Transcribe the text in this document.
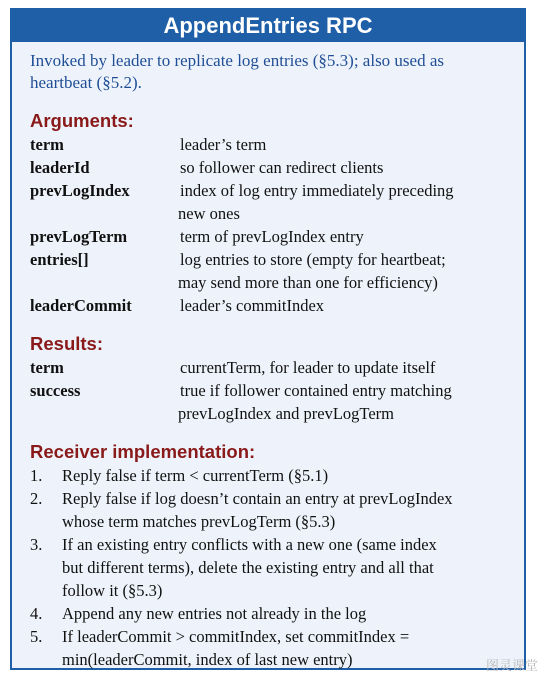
AppendEntries RPC
Invoked by leader to replicate log entries (§5.3); also used as heartbeat (§5.2).
Arguments:
term	leader’s term
leaderId	so follower can redirect clients
prevLogIndex	index of log entry immediately preceding
new ones
prevLogTerm	term of prevLogIndex entry
entries[]	log entries to store (empty for heartbeat;
may send more than one for efficiency)
leaderCommit	leader’s commitIndex
Results:
term	currentTerm, for leader to update itself
success	true if follower contained entry matching
prevLogIndex and prevLogTerm
Receiver implementation:
1.	Reply false if term < currentTerm (§5.1)
2.	Reply false if log doesn’t contain an entry at prevLogIndex
whose term matches prevLogTerm (§5.3)
3.	If an existing entry conflicts with a new one (same index
but different terms), delete the existing entry and all that
follow it (§5.3)
4.	Append any new entries not already in the log
5.	If leaderCommit > commitIndex, set commitIndex =
min(leaderCommit, index of last new entry)	图灵课堂
